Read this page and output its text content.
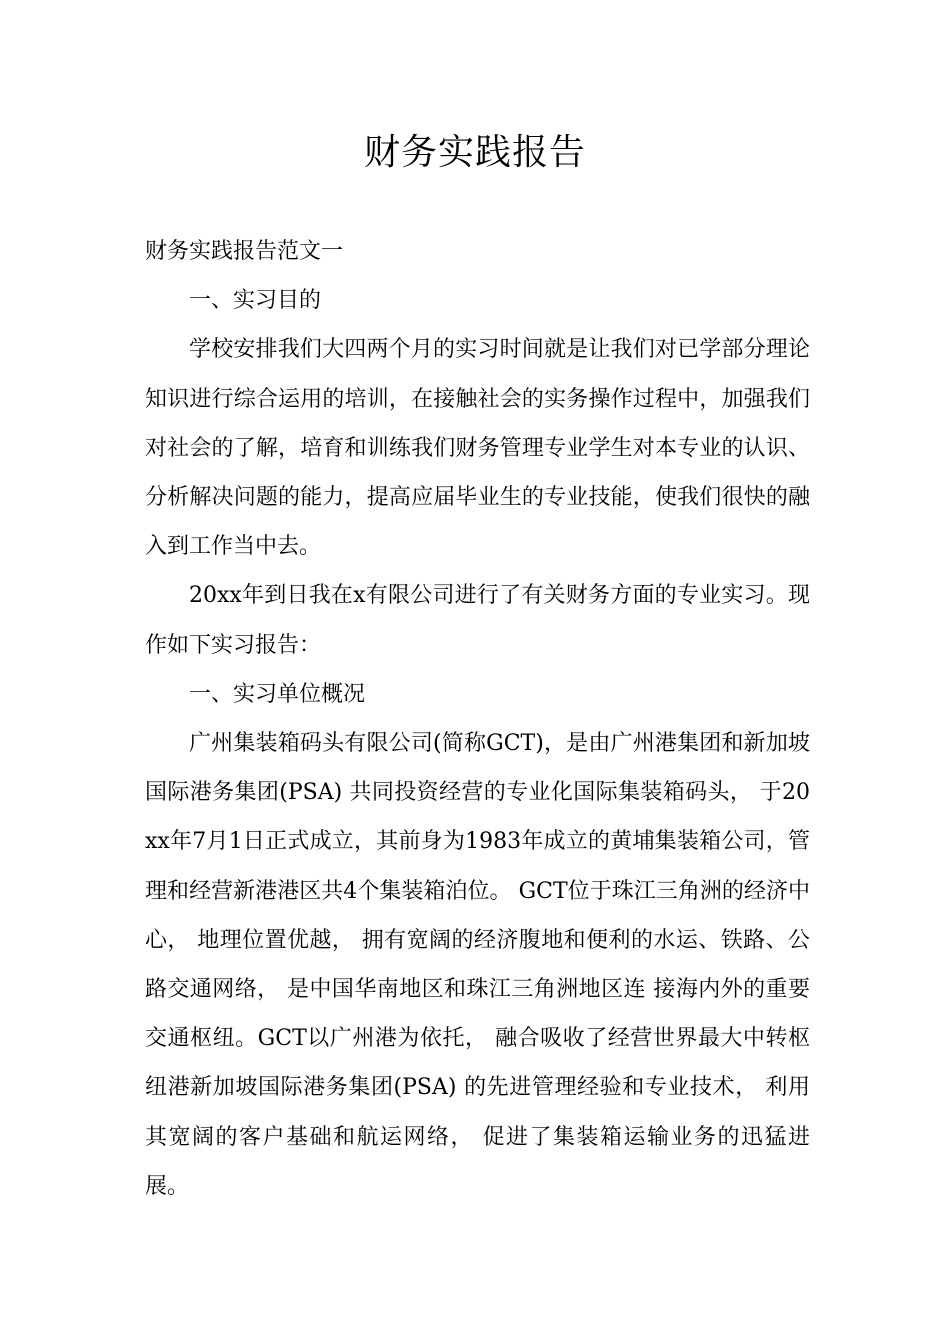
财务实践报告

财务实践报告范文一

一、实习目的

学校安排我们大四两个月的实习时间就是让我们对已学部分理论知识进行综合运用的培训，在接触社会的实务操作过程中，加强我们对社会的了解，培育和训练我们财务管理专业学生对本专业的认识、分析解决问题的能力，提高应届毕业生的专业技能，使我们很快的融入到工作当中去。

20xx年到日我在x有限公司进行了有关财务方面的专业实习。现作如下实习报告：

一、实习单位概况

广州集装箱码头有限公司(简称GCT)，是由广州港集团和新加坡国际港务集团(PSA) 共同投资经营的专业化国际集装箱码头， 于20xx年7月1日正式成立，其前身为1983年成立的黄埔集装箱公司，管理和经营新港港区共4个集装箱泊位。 GCT位于珠江三角洲的经济中心， 地理位置优越， 拥有宽阔的经济腹地和便利的水运、铁路、公路交通网络， 是中国华南地区和珠江三角洲地区连 接海内外的重要交通枢纽。GCT以广州港为依托， 融合吸收了经营世界最大中转枢纽港新加坡国际港务集团(PSA) 的先进管理经验和专业技术， 利用其宽阔的客户基础和航运网络， 促进了集装箱运输业务的迅猛进展。
